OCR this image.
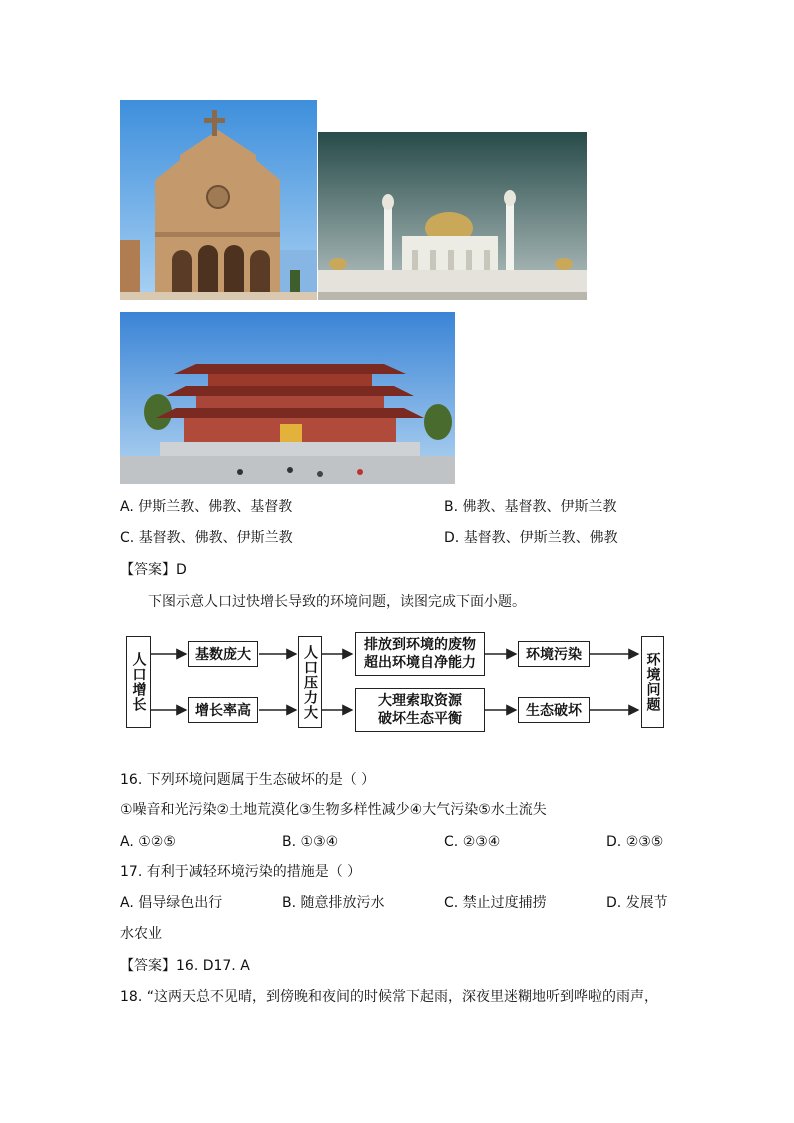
A. 伊斯兰教、佛教、基督教	B. 佛教、基督教、伊斯兰教
C. 基督教、佛教、伊斯兰教	D. 基督教、伊斯兰教、佛教
【答案】D
下图示意人口过快增长导致的环境问题，读图完成下面小题。
人口增长	基数庞大
增长率高	人口压力大	排放到环境的废物
超出环境自净能力
大理索取资源
破坏生态平衡
环境污染
生态破坏	环境问题
16. 下列环境问题属于生态破坏的是（ ）
①噪音和光污染②土地荒漠化③生物多样性减少④大气污染⑤水土流失
A. ①②⑤	B. ①③④	C. ②③④	D. ②③⑤
17. 有利于减轻环境污染的措施是（ ）
A. 倡导绿色出行	B. 随意排放污水	C. 禁止过度捕捞	D. 发展节
水农业
【答案】16. D17. A
18. “这两天总不见晴，到傍晚和夜间的时候常下起雨，深夜里迷糊地听到哗啦的雨声，
